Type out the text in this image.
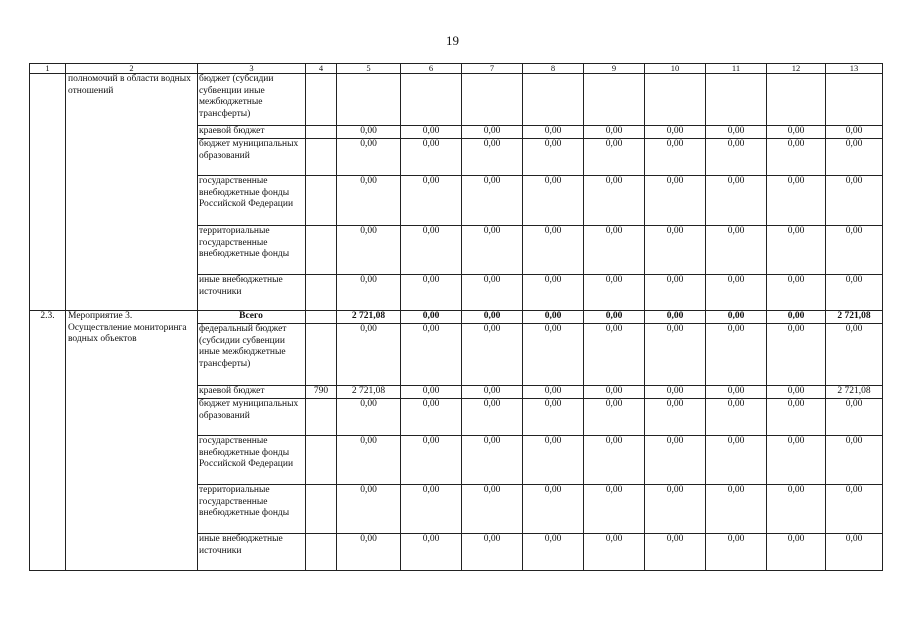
19
1	2	3	4	5	6	7	8	9	10	11	12	13
	полномочий в области водных отношений	бюджет (субсидии субвенции иные межбюджетные трансферты)										
		краевой бюджет		0,00	0,00	0,00	0,00	0,00	0,00	0,00	0,00	0,00
		бюджет муниципальных образований		0,00	0,00	0,00	0,00	0,00	0,00	0,00	0,00	0,00
		государственные внебюджетные фонды Российской Федерации		0,00	0,00	0,00	0,00	0,00	0,00	0,00	0,00	0,00
		территориальные государственные внебюджетные фонды		0,00	0,00	0,00	0,00	0,00	0,00	0,00	0,00	0,00
		иные внебюджетные источники		0,00	0,00	0,00	0,00	0,00	0,00	0,00	0,00	0,00
2.3.	Мероприятие 3. Осуществление мониторинга водных объектов	Всего		2 721,08	0,00	0,00	0,00	0,00	0,00	0,00	0,00	2 721,08
		федеральный бюджет (субсидии субвенции иные межбюджетные трансферты)		0,00	0,00	0,00	0,00	0,00	0,00	0,00	0,00	0,00
		краевой бюджет	790	2 721,08	0,00	0,00	0,00	0,00	0,00	0,00	0,00	2 721,08
		бюджет муниципальных образований		0,00	0,00	0,00	0,00	0,00	0,00	0,00	0,00	0,00
		государственные внебюджетные фонды Российской Федерации		0,00	0,00	0,00	0,00	0,00	0,00	0,00	0,00	0,00
		территориальные государственные внебюджетные фонды		0,00	0,00	0,00	0,00	0,00	0,00	0,00	0,00	0,00
		иные внебюджетные источники		0,00	0,00	0,00	0,00	0,00	0,00	0,00	0,00	0,00
